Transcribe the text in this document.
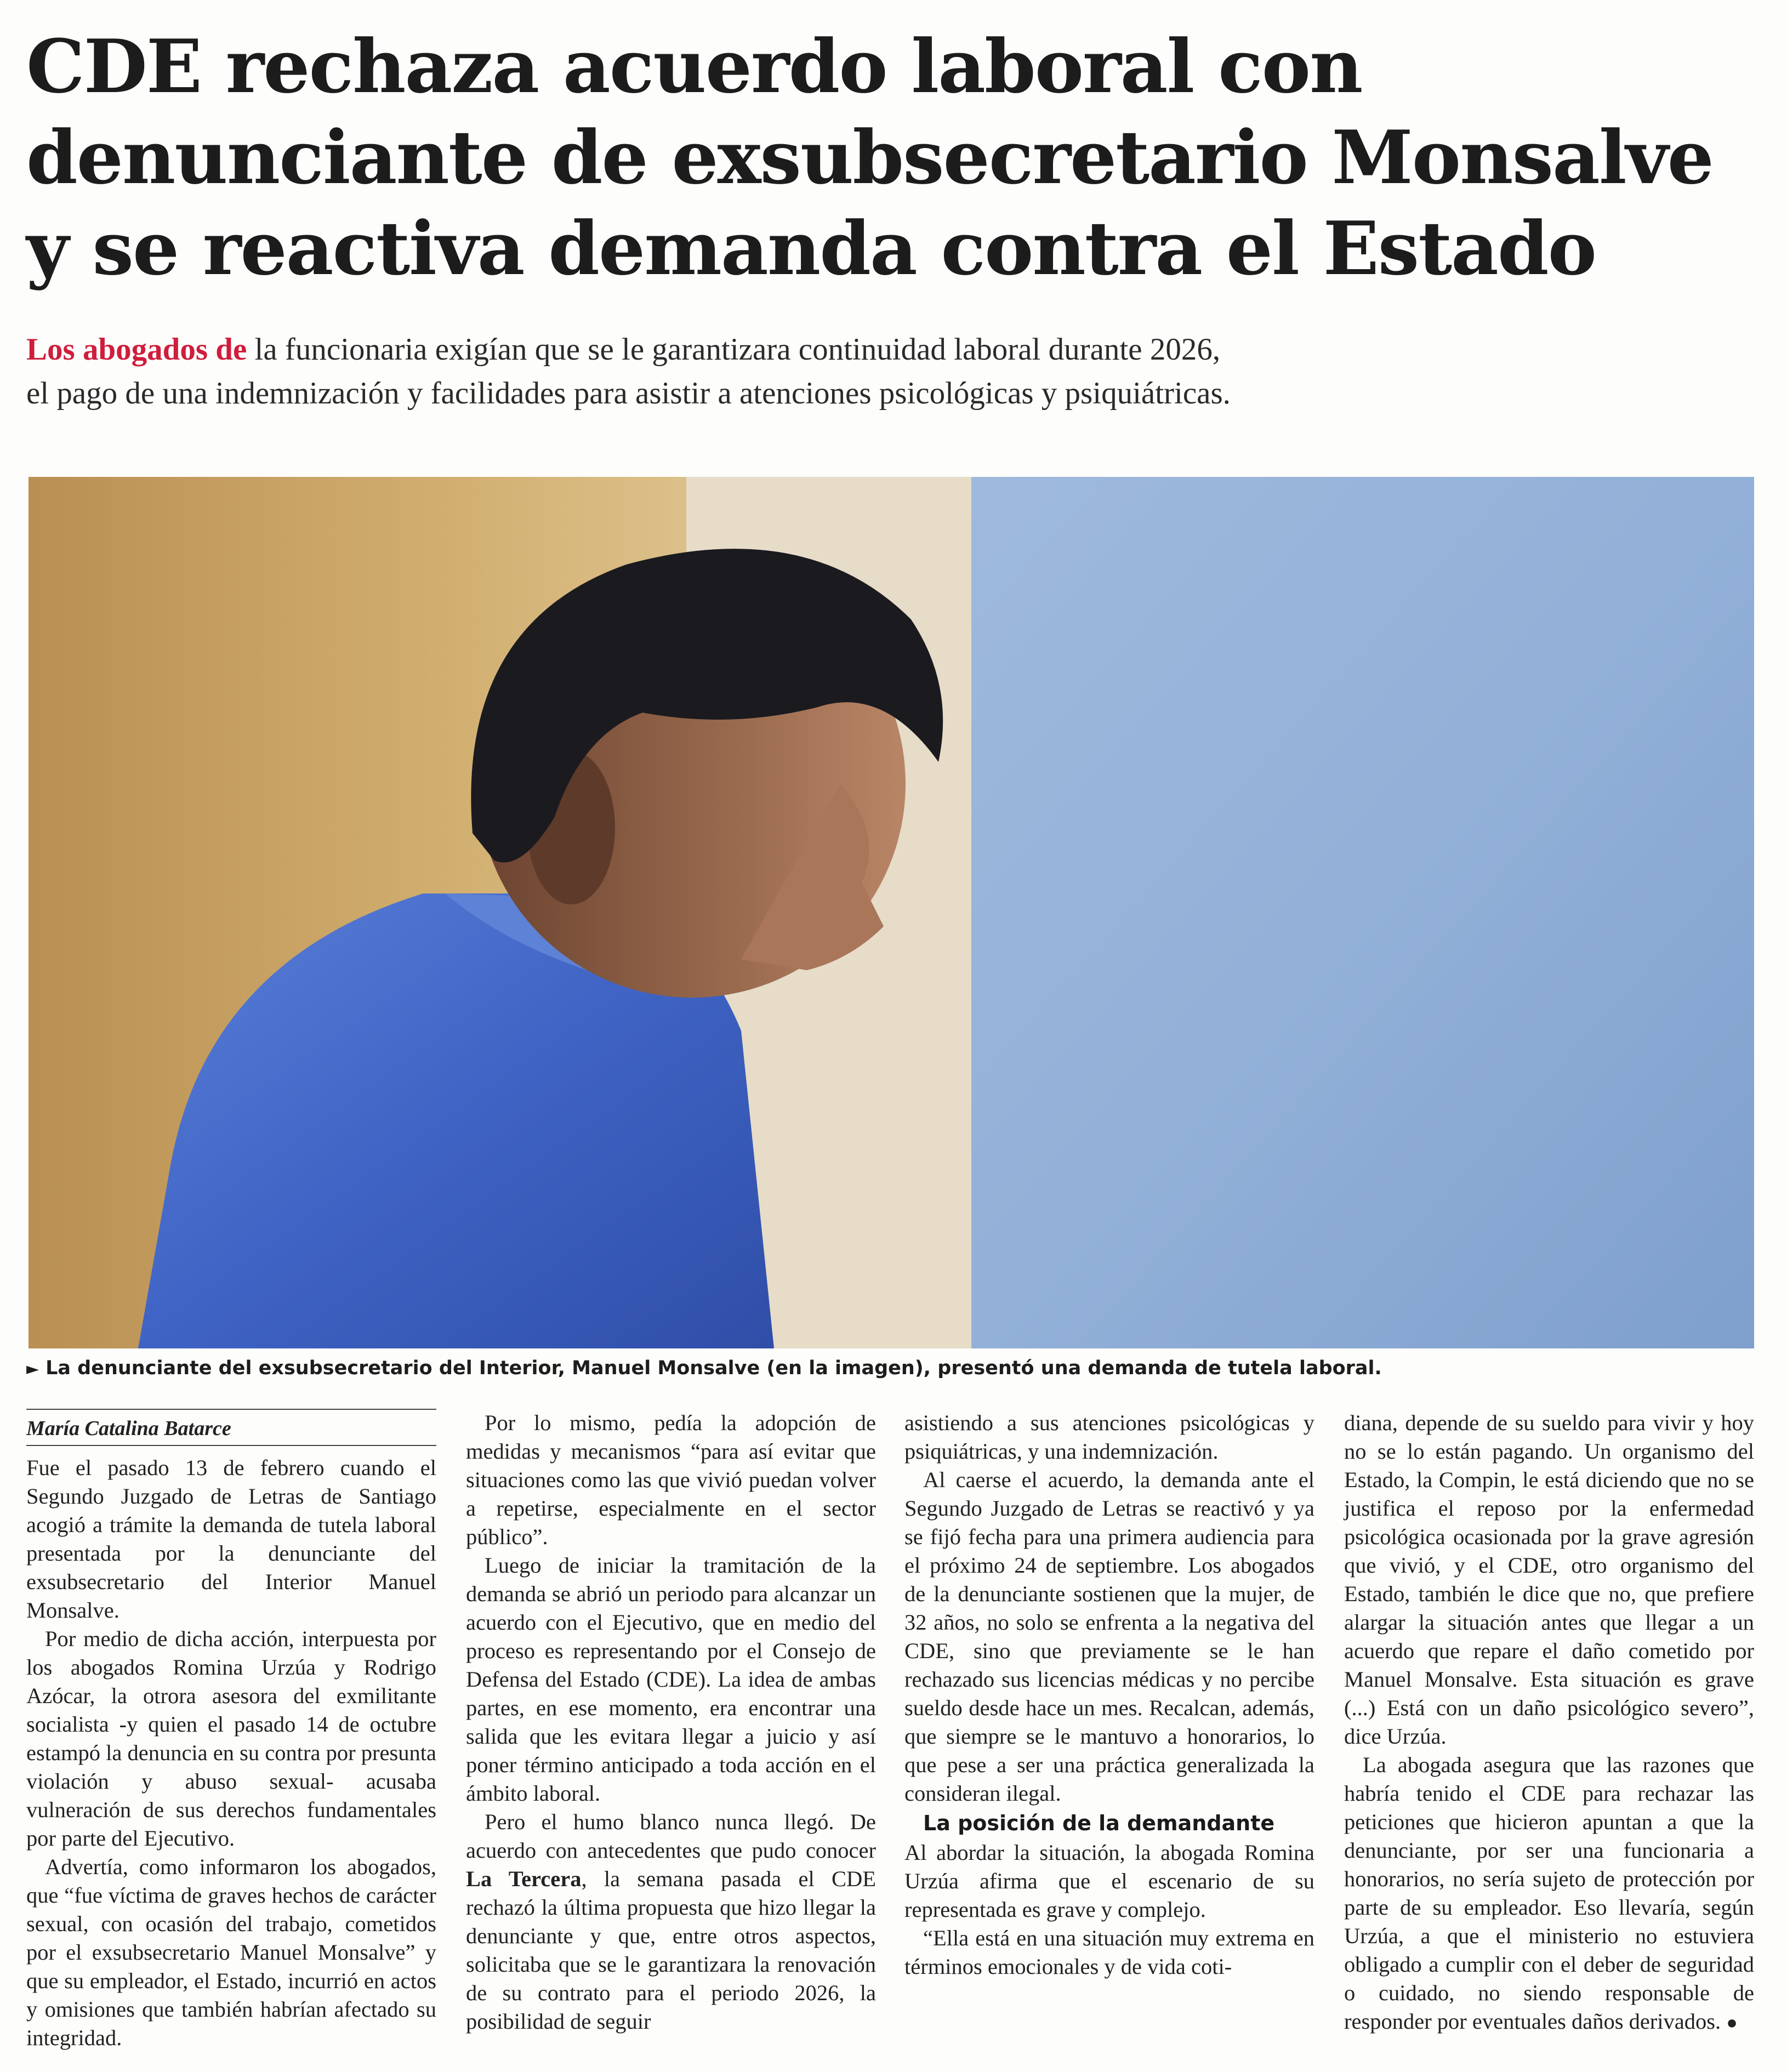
CDE rechaza acuerdo laboral con
denunciante de exsubsecretario Monsalve
y se reactiva demanda contra el Estado
Los abogados de la funcionaria exigían que se le garantizara continuidad laboral durante 2026,
el pago de una indemnización y facilidades para asistir a atenciones psicológicas y psiquiátricas.
► La denunciante del exsubsecretario del Interior, Manuel Monsalve (en la imagen), presentó una demanda de tutela laboral.
María Catalina Batarce

Fue el pasado 13 de febrero cuando el Segundo Juzgado de Letras de Santiago acogió a trámite la demanda de tutela laboral presentada por la denunciante del exsubsecretario del Interior Manuel Monsalve.

Por medio de dicha acción, interpuesta por los abogados Romina Urzúa y Rodrigo Azócar, la otrora asesora del exmilitante socialista -y quien el pasado 14 de octubre estampó la denuncia en su contra por presunta violación y abuso sexual- acusaba vulneración de sus derechos fundamentales por parte del Ejecutivo.

Advertía, como informaron los abogados, que “fue víctima de graves hechos de carácter sexual, con ocasión del trabajo, cometidos por el exsubsecretario Manuel Monsalve” y que su empleador, el Estado, incurrió en actos y omisiones que también habrían afectado su integridad.

Por lo mismo, pedía la adopción de medidas y mecanismos “para así evitar que situaciones como las que vivió puedan volver a repetirse, especialmente en el sector público”.

Luego de iniciar la tramitación de la demanda se abrió un periodo para alcanzar un acuerdo con el Ejecutivo, que en medio del proceso es representando por el Consejo de Defensa del Estado (CDE). La idea de ambas partes, en ese momento, era encontrar una salida que les evitara llegar a juicio y así poner término anticipado a toda acción en el ámbito laboral.

Pero el humo blanco nunca llegó. De acuerdo con antecedentes que pudo conocer La Tercera, la semana pasada el CDE rechazó la última propuesta que hizo llegar la denunciante y que, entre otros aspectos, solicitaba que se le garantizara la renovación de su contrato para el periodo 2026, la posibilidad de seguir

asistiendo a sus atenciones psicológicas y psiquiátricas, y una indemnización.

Al caerse el acuerdo, la demanda ante el Segundo Juzgado de Letras se reactivó y ya se fijó fecha para una primera audiencia para el próximo 24 de septiembre. Los abogados de la denunciante sostienen que la mujer, de 32 años, no solo se enfrenta a la negativa del CDE, sino que previamente se le han rechazado sus licencias médicas y no percibe sueldo desde hace un mes. Recalcan, además, que siempre se le mantuvo a honorarios, lo que pese a ser una práctica generalizada la consideran ilegal.

La posición de la demandante

Al abordar la situación, la abogada Romina Urzúa afirma que el escenario de su representada es grave y complejo.

“Ella está en una situación muy extrema en términos emocionales y de vida coti-

diana, depende de su sueldo para vivir y hoy no se lo están pagando. Un organismo del Estado, la Compin, le está diciendo que no se justifica el reposo por la enfermedad psicológica ocasionada por la grave agresión que vivió, y el CDE, otro organismo del Estado, también le dice que no, que prefiere alargar la situación antes que llegar a un acuerdo que repare el daño cometido por Manuel Monsalve. Esta situación es grave (...) Está con un daño psicológico severo”, dice Urzúa.

La abogada asegura que las razones que habría tenido el CDE para rechazar las peticiones que hicieron apuntan a que la denunciante, por ser una funcionaria a honorarios, no sería sujeto de protección por parte de su empleador. Eso llevaría, según Urzúa, a que el ministerio no estuviera obligado a cumplir con el deber de seguridad o cuidado, no siendo responsable de responder por eventuales daños derivados. ●
